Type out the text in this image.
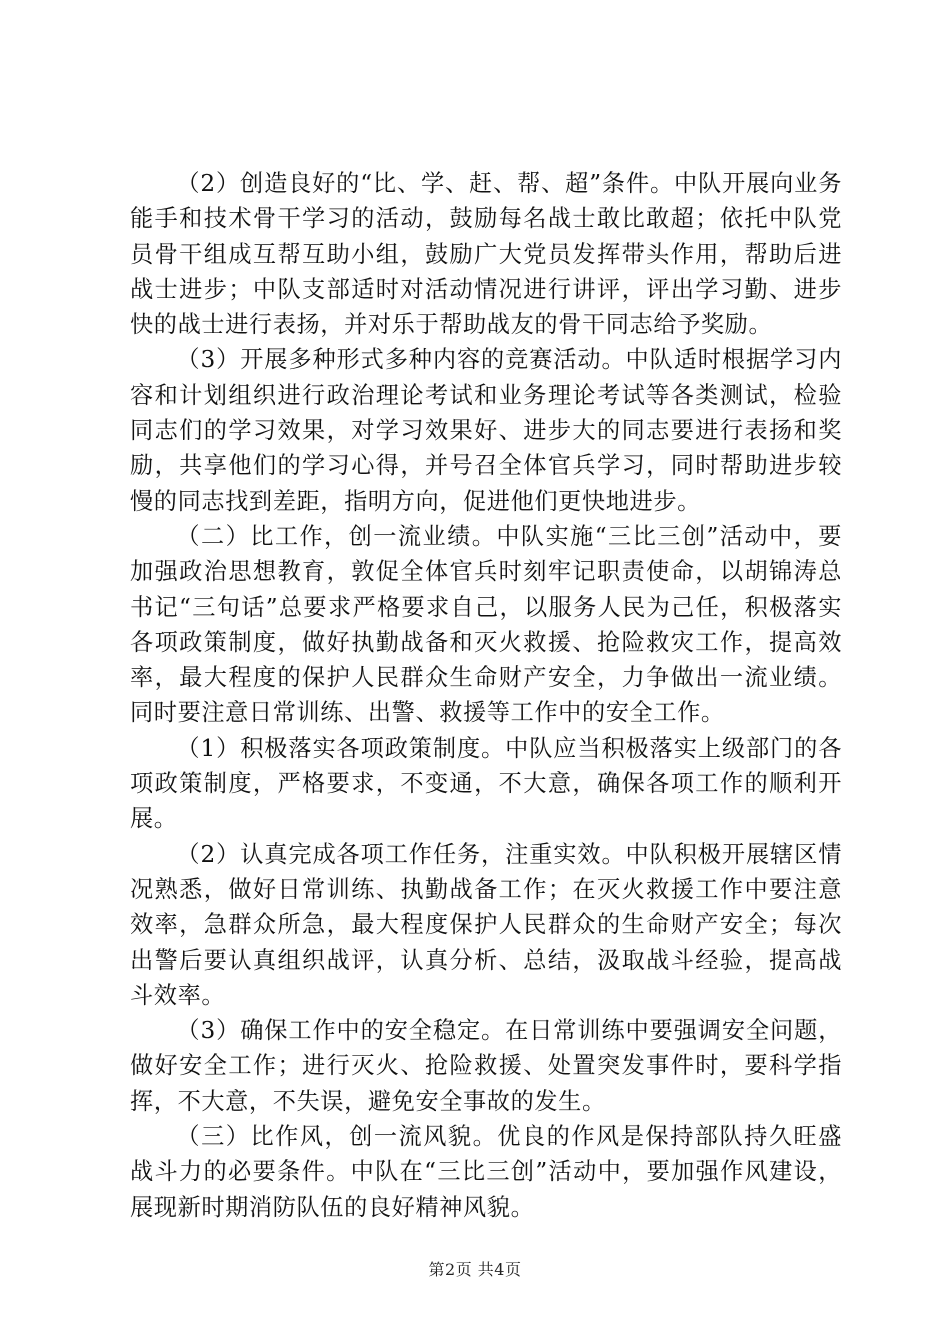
（2）创造良好的“比、学、赶、帮、超”条件。中队开展向业务能手和技术骨干学习的活动，鼓励每名战士敢比敢超；依托中队党员骨干组成互帮互助小组，鼓励广大党员发挥带头作用，帮助后进战士进步；中队支部适时对活动情况进行讲评，评出学习勤、进步快的战士进行表扬，并对乐于帮助战友的骨干同志给予奖励。

（3）开展多种形式多种内容的竞赛活动。中队适时根据学习内容和计划组织进行政治理论考试和业务理论考试等各类测试，检验同志们的学习效果，对学习效果好、进步大的同志要进行表扬和奖励，共享他们的学习心得，并号召全体官兵学习，同时帮助进步较慢的同志找到差距，指明方向，促进他们更快地进步。

（二）比工作，创一流业绩。中队实施“三比三创”活动中，要加强政治思想教育，敦促全体官兵时刻牢记职责使命，以胡锦涛总书记“三句话”总要求严格要求自己，以服务人民为己任，积极落实各项政策制度，做好执勤战备和灭火救援、抢险救灾工作，提高效率，最大程度的保护人民群众生命财产安全，力争做出一流业绩。同时要注意日常训练、出警、救援等工作中的安全工作。

（1）积极落实各项政策制度。中队应当积极落实上级部门的各项政策制度，严格要求，不变通，不大意，确保各项工作的顺利开展。

（2）认真完成各项工作任务，注重实效。中队积极开展辖区情况熟悉，做好日常训练、执勤战备工作；在灭火救援工作中要注意效率，急群众所急，最大程度保护人民群众的生命财产安全；每次出警后要认真组织战评，认真分析、总结，汲取战斗经验，提高战斗效率。

（3）确保工作中的安全稳定。在日常训练中要强调安全问题，做好安全工作；进行灭火、抢险救援、处置突发事件时，要科学指挥，不大意，不失误，避免安全事故的发生。

（三）比作风，创一流风貌。优良的作风是保持部队持久旺盛战斗力的必要条件。中队在“三比三创”活动中，要加强作风建设，展现新时期消防队伍的良好精神风貌。

第2页 共4页
